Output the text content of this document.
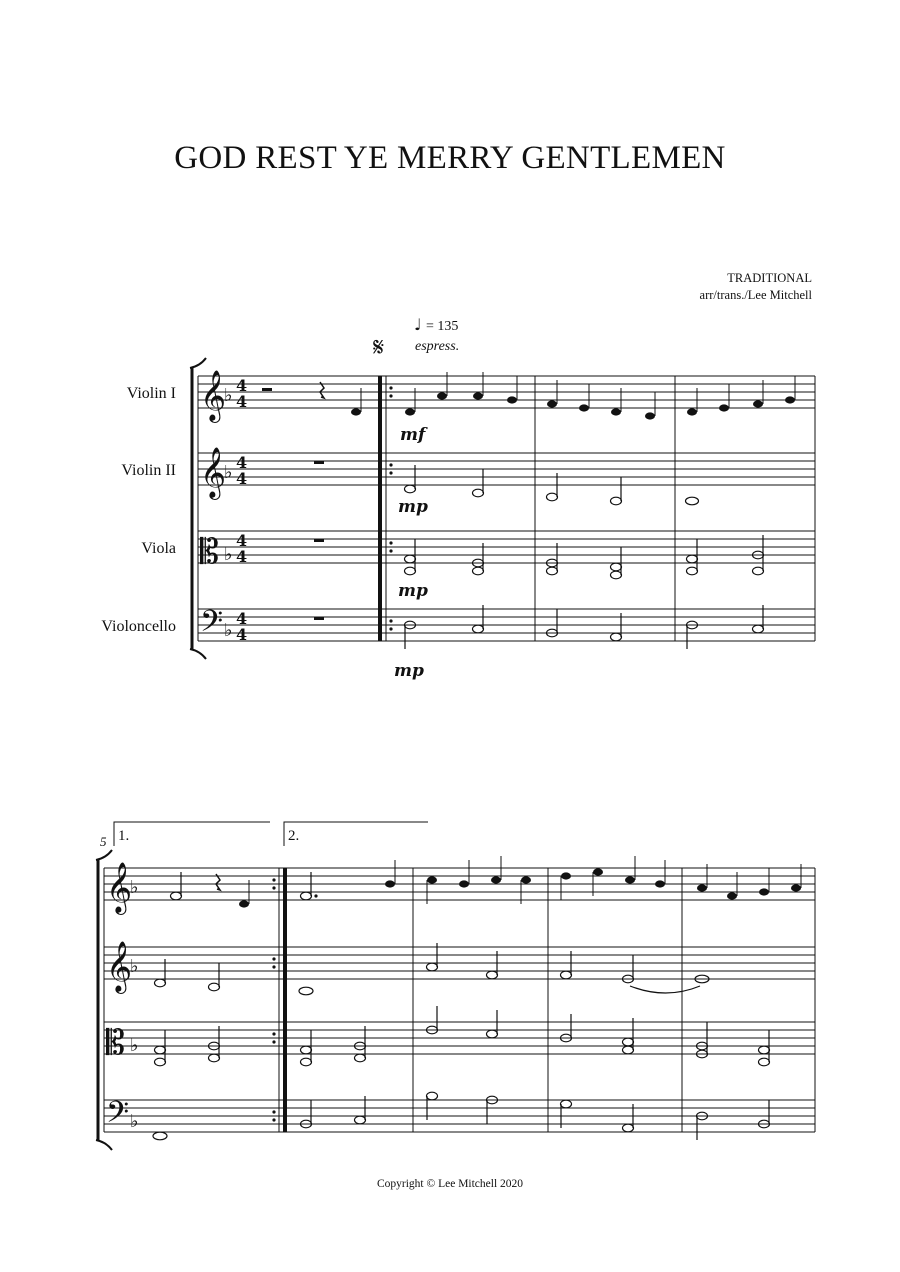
GOD REST YE MERRY GENTLEMEN
TRADITIONAL
arr/trans./Lee Mitchell
𝄞
𝄞
𝄡
𝄢
♭
♭
♭
♭
𝄋
♩ = 135
espress.
Violin I
Violin II
Viola
Violoncello
4
4
4
4
4
4
4
4
mf
mp
mp
mp
𝄞
𝄞
𝄡
𝄢
♭
♭
♭
♭
5 1.	2.
Copyright © Lee Mitchell 2020
